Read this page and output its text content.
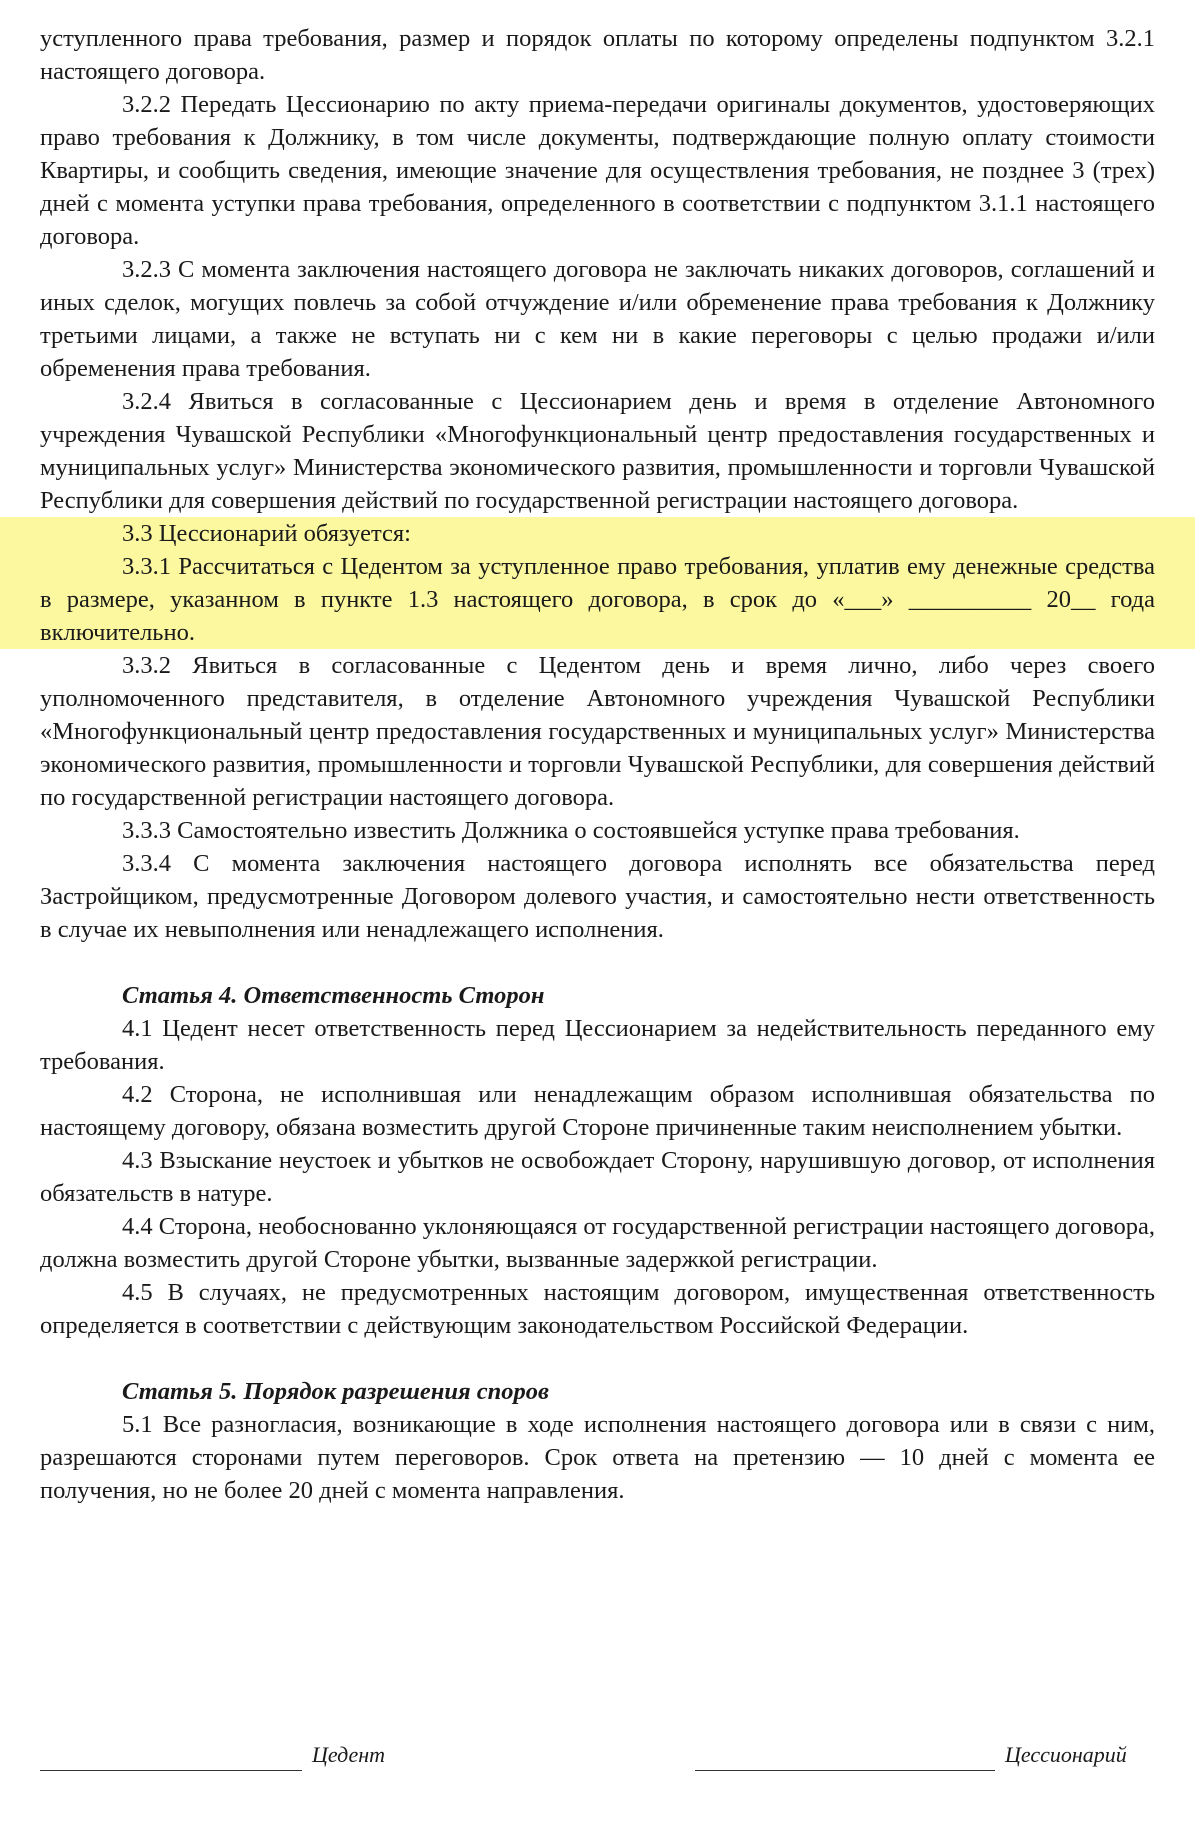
уступленного права требования, размер и порядок оплаты по которому определены подпунктом 3.2.1 настоящего договора.

3.2.2 Передать Цессионарию по акту приема-передачи оригиналы документов, удостоверяющих право требования к Должнику, в том числе документы, подтверждающие полную оплату стоимости Квартиры, и сообщить сведения, имеющие значение для осуществления требования, не позднее 3 (трех) дней с момента уступки права требования, определенного в соответствии с подпунктом 3.1.1 настоящего договора.

3.2.3 С момента заключения настоящего договора не заключать никаких договоров, соглашений и иных сделок, могущих повлечь за собой отчуждение и/или обременение права требования к Должнику третьими лицами, а также не вступать ни с кем ни в какие переговоры с целью продажи и/или обременения права требования.

3.2.4 Явиться в согласованные с Цессионарием день и время в отделение Автономного учреждения Чувашской Республики «Многофункциональный центр предоставления государственных и муниципальных услуг» Министерства экономического развития, промышленности и торговли Чувашской Республики для совершения действий по государственной регистрации настоящего договора.

3.3 Цессионарий обязуется:

3.3.1 Рассчитаться с Цедентом за уступленное право требования, уплатив ему денежные средства в размере, указанном в пункте 1.3 настоящего договора, в срок до «___» __________ 20__ года включительно.

3.3.2 Явиться в согласованные с Цедентом день и время лично, либо через своего уполномоченного представителя, в отделение Автономного учреждения Чувашской Республики «Многофункциональный центр предоставления государственных и муниципальных услуг» Министерства экономического развития, промышленности и торговли Чувашской Республики, для совершения действий по государственной регистрации настоящего договора.

3.3.3 Самостоятельно известить Должника о состоявшейся уступке права требования.

3.3.4 С момента заключения настоящего договора исполнять все обязательства перед Застройщиком, предусмотренные Договором долевого участия, и самостоятельно нести ответственность в случае их невыполнения или ненадлежащего исполнения.

Статья 4. Ответственность Сторон

4.1 Цедент несет ответственность перед Цессионарием за недействительность переданного ему требования.

4.2 Сторона, не исполнившая или ненадлежащим образом исполнившая обязательства по настоящему договору, обязана возместить другой Стороне причиненные таким неисполнением убытки.

4.3 Взыскание неустоек и убытков не освобождает Сторону, нарушившую договор, от исполнения обязательств в натуре.

4.4 Сторона, необоснованно уклоняющаяся от государственной регистрации настоящего договора, должна возместить другой Стороне убытки, вызванные задержкой регистрации.

4.5 В случаях, не предусмотренных настоящим договором, имущественная ответственность определяется в соответствии с действующим законодательством Российской Федерации.

Статья 5. Порядок разрешения споров

5.1 Все разногласия, возникающие в ходе исполнения настоящего договора или в связи с ним, разрешаются сторонами путем переговоров. Срок ответа на претензию — 10 дней с момента ее получения, но не более 20 дней с момента направления.

Цедент	Цессионарий
